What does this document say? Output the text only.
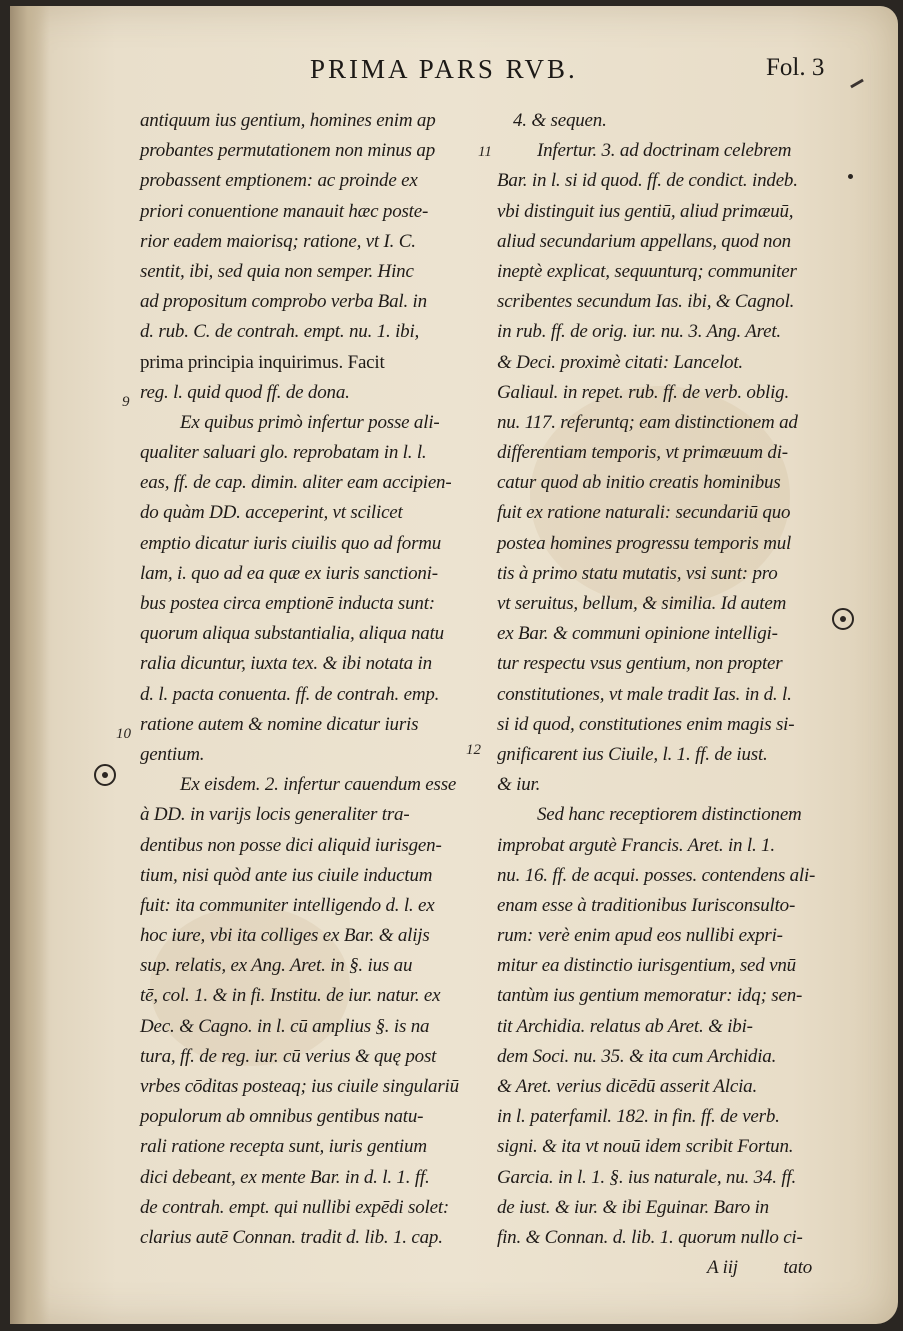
PRIMA PARS RVB.	Fol. 3
antiquum ius gentium, homines enim ap
probantes permutationem non minus ap
probassent emptionem: ac proinde ex
priori conuentione manauit hæc poste-
rior eadem maiorisq; ratione, vt I. C.
sentit, ibi, sed quia non semper. Hinc
ad propositum comprobo verba Bal. in
d. rub. C. de contrah. empt. nu. 1. ibi,
prima principia inquirimus. Facit
reg. l. quid quod ff. de dona.
Ex quibus primò infertur posse ali-
qualiter saluari glo. reprobatam in l. l.
eas, ff. de cap. dimin. aliter eam accipien-
do quàm DD. acceperint, vt scilicet
emptio dicatur iuris ciuilis quo ad formu
lam, i. quo ad ea quæ ex iuris sanctioni-
bus postea circa emptionē inducta sunt:
quorum aliqua substantialia, aliqua natu
ralia dicuntur, iuxta tex. & ibi notata in
d. l. pacta conuenta. ff. de contrah. emp.
ratione autem & nomine dicatur iuris
gentium.
Ex eisdem. 2. infertur cauendum esse
à DD. in varijs locis generaliter tra-
dentibus non posse dici aliquid iurisgen-
tium, nisi quòd ante ius ciuile inductum
fuit: ita communiter intelligendo d. l. ex
hoc iure, vbi ita colliges ex Bar. & alijs
sup. relatis, ex Ang. Aret. in §. ius au
tē, col. 1. & in fi. Institu. de iur. natur. ex
Dec. & Cagno. in l. cū amplius §. is na
tura, ff. de reg. iur. cū verius & quę post
vrbes cōditas posteaq; ius ciuile singulariū
populorum ab omnibus gentibus natu-
rali ratione recepta sunt, iuris gentium
dici debeant, ex mente Bar. in d. l. 1. ff.
de contrah. empt. qui nullibi expēdi solet:
clarius autē Connan. tradit d. lib. 1. cap.
4. & sequen.
Infertur. 3. ad doctrinam celebrem
Bar. in l. si id quod. ff. de condict. indeb.
vbi distinguit ius gentiū, aliud primæuū,
aliud secundarium appellans, quod non
ineptè explicat, sequunturq; communiter
scribentes secundum Ias. ibi, & Cagnol.
in rub. ff. de orig. iur. nu. 3. Ang. Aret.
& Deci. proximè citati: Lancelot.
Galiaul. in repet. rub. ff. de verb. oblig.
nu. 117. referuntq; eam distinctionem ad
differentiam temporis, vt primæuum di-
catur quod ab initio creatis hominibus
fuit ex ratione naturali: secundariū quo
postea homines progressu temporis mul
tis à primo statu mutatis, vsi sunt: pro
vt seruitus, bellum, & similia. Id autem
ex Bar. & communi opinione intelligi-
tur respectu vsus gentium, non propter
constitutiones, vt male tradit Ias. in d. l.
si id quod, constitutiones enim magis si-
gnificarent ius Ciuile, l. 1. ff. de iust.
& iur.
Sed hanc receptiorem distinctionem
improbat argutè Francis. Aret. in l. 1.
nu. 16. ff. de acqui. posses. contendens ali-
enam esse à traditionibus Iurisconsulto-
rum: verè enim apud eos nullibi expri-
mitur ea distinctio iurisgentium, sed vnū
tantùm ius gentium memoratur: idq; sen-
tit Archidia. relatus ab Aret. & ibi-
dem Soci. nu. 35. & ita cum Archidia.
& Aret. verius dicēdū asserit Alcia.
in l. paterfamil. 182. in fin. ff. de verb.
signi. & ita vt nouū idem scribit Fortun.
Garcia. in l. 1. §. ius naturale, nu. 34. ff.
de iust. & iur. & ibi Eguinar. Baro in
fin. & Connan. d. lib. 1. quorum nullo ci-
A iij          tato
9
10
11
12
